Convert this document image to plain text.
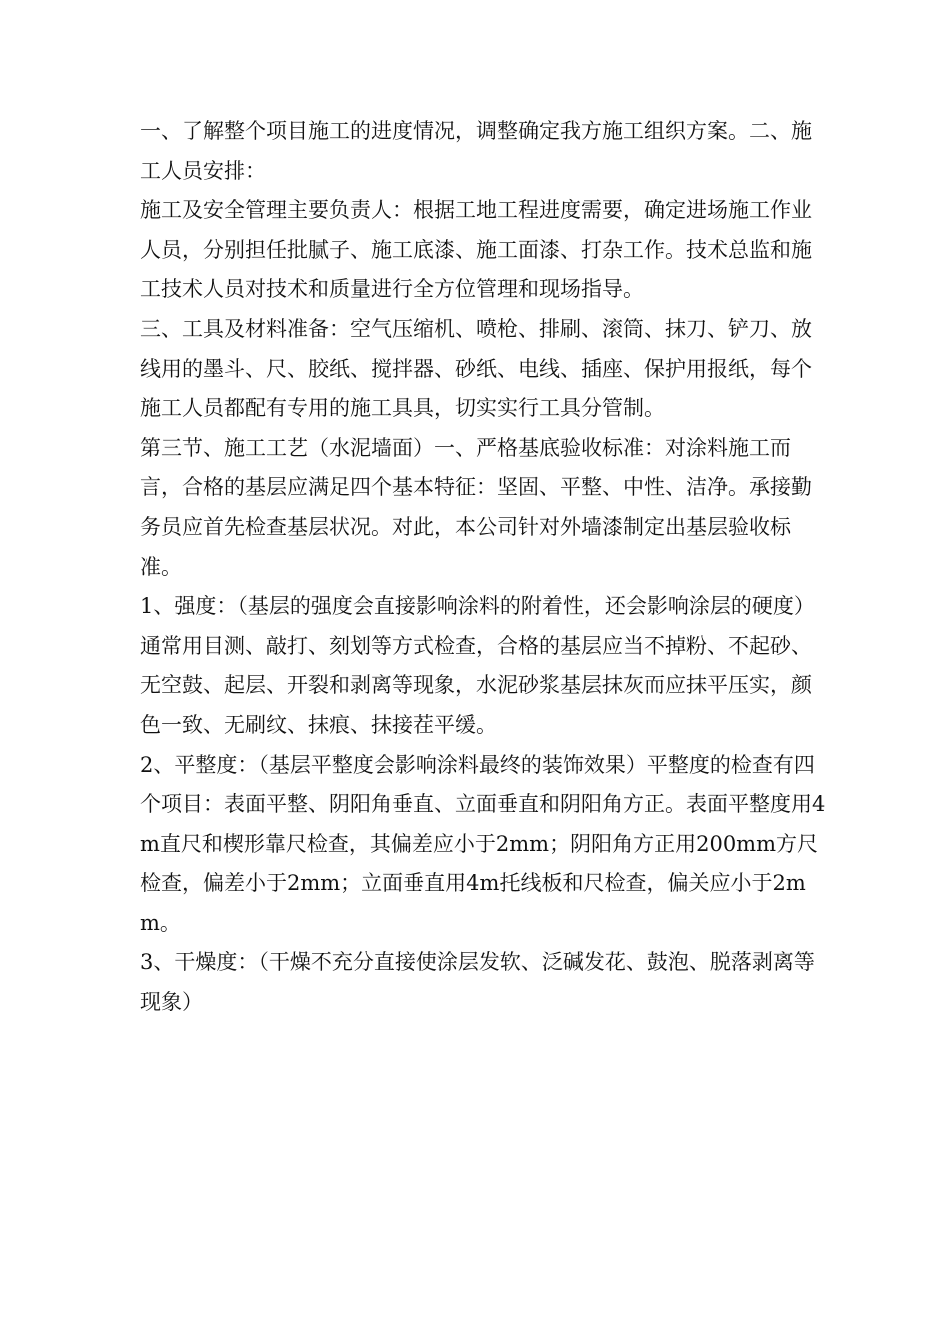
一、了解整个项目施工的进度情况，调整确定我方施工组织方案。二、施工人员安排：

施工及安全管理主要负责人：根据工地工程进度需要，确定进场施工作业人员，分别担任批腻子、施工底漆、施工面漆、打杂工作。技术总监和施工技术人员对技术和质量进行全方位管理和现场指导。

三、工具及材料准备：空气压缩机、喷枪、排刷、滚筒、抹刀、铲刀、放线用的墨斗、尺、胶纸、搅拌器、砂纸、电线、插座、保护用报纸，每个施工人员都配有专用的施工具具，切实实行工具分管制。

第三节、施工工艺（水泥墙面）一、严格基底验收标准：对涂料施工而言，合格的基层应满足四个基本特征：坚固、平整、中性、洁净。承接勤务员应首先检查基层状况。对此，本公司针对外墙漆制定出基层验收标准。

1、强度：（基层的强度会直接影响涂料的附着性，还会影响涂层的硬度）

通常用目测、敲打、刻划等方式检查，合格的基层应当不掉粉、不起砂、无空鼓、起层、开裂和剥离等现象，水泥砂浆基层抹灰而应抹平压实，颜色一致、无刷纹、抹痕、抹接茬平缓。

2、平整度：（基层平整度会影响涂料最终的装饰效果）平整度的检查有四个项目：表面平整、阴阳角垂直、立面垂直和阴阳角方正。表面平整度用4m直尺和楔形靠尺检查，其偏差应小于2mm；阴阳角方正用200mm方尺检查，偏差小于2mm；立面垂直用4m托线板和尺检查，偏关应小于2mm。

3、干燥度：（干燥不充分直接使涂层发软、泛碱发花、鼓泡、脱落剥离等现象）
